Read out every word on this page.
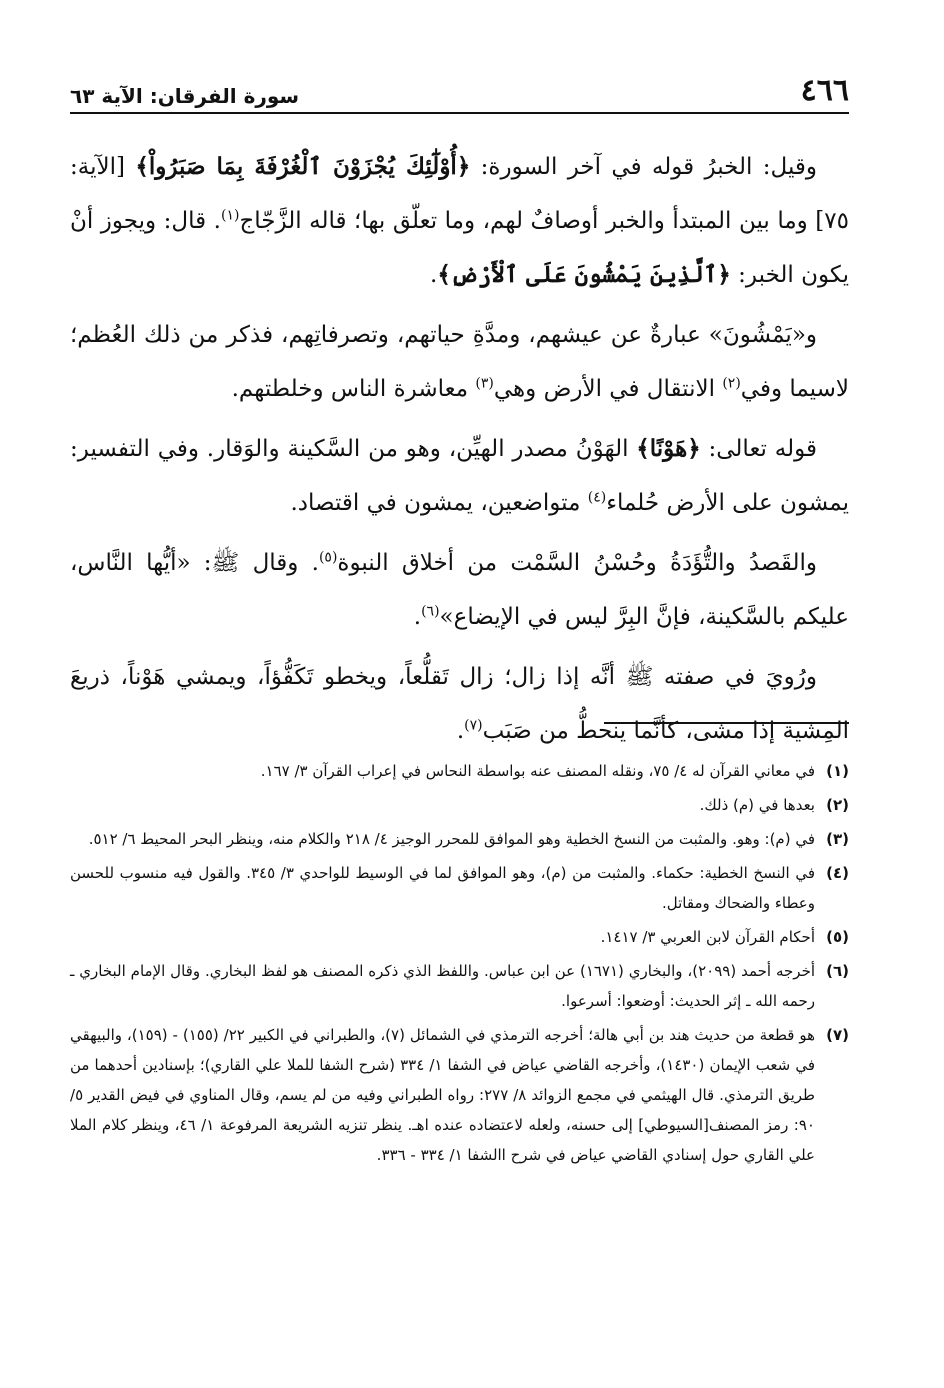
٤٦٦
سورة الفرقان: الآية ٦٣

وقيل: الخبرُ قوله في آخر السورة: ﴿أُوْلَٰٓئِكَ يُجْزَوْنَ ٱلْغُرْفَةَ بِمَا صَبَرُواْ﴾ [الآية: ٧٥] وما بين المبتدأ والخبر أوصافٌ لهم، وما تعلّق بها؛ قاله الزَّجّاج$^{(١)}$. قال: ويجوز أنْ يكون الخبر: ﴿ٱلَّذِينَ يَمْشُونَ عَلَى ٱلْأَرْضِ﴾.

و«يَمْشُونَ» عبارةٌ عن عيشهم، ومدَّةِ حياتهم، وتصرفاتِهم، فذكر من ذلك العُظم؛ لاسيما وفي$^{(٢)}$ الانتقال في الأرض وهي$^{(٣)}$ معاشرة الناس وخلطتهم.

قوله تعالى: ﴿هَوْنًا﴾ الهَوْنُ مصدر الهيِّن، وهو من السَّكينة والوَقار. وفي التفسير: يمشون على الأرض حُلماء$^{(٤)}$ متواضعين، يمشون في اقتصاد.

والقَصدُ والتُّؤَدَةُ وحُسْنُ السَّمْت من أخلاق النبوة$^{(٥)}$. وقال ﷺ: «أيُّها النَّاس، عليكم بالسَّكينة، فإنَّ البِرَّ ليس في الإيضاع»$^{(٦)}$.

ورُويَ في صفته ﷺ أنَّه إذا زال؛ زال تَقلُّعاً، ويخطو تَكَفُّؤاً، ويمشي هَوْناً، ذريعَ المِشية إذا مشى، كأنَّما ينحطُّ من صَبَب$^{(٧)}$.

(١)
في معاني القرآن له ٤/ ٧٥، ونقله المصنف عنه بواسطة النحاس في إعراب القرآن ٣/ ١٦٧.
(٢)
بعدها في (م) ذلك.
(٣)
في (م): وهو. والمثبت من النسخ الخطية وهو الموافق للمحرر الوجيز ٤/ ٢١٨ والكلام منه، وينظر البحر المحيط ٦/ ٥١٢.
(٤)
في النسخ الخطية: حكماء. والمثبت من (م)، وهو الموافق لما في الوسيط للواحدي ٣/ ٣٤٥. والقول فيه منسوب للحسن وعطاء والضحاك ومقاتل.
(٥)
أحكام القرآن لابن العربي ٣/ ١٤١٧.
(٦)
أخرجه أحمد (٢٠٩٩)، والبخاري (١٦٧١) عن ابن عباس. واللفظ الذي ذكره المصنف هو لفظ البخاري. وقال الإمام البخاري ـ رحمه الله ـ إثر الحديث: أوضعوا: أسرعوا.
(٧)
هو قطعة من حديث هند بن أبي هالة؛ أخرجه الترمذي في الشمائل (٧)، والطبراني في الكبير ٢٢/ (١٥٥) - (١٥٩)، والبيهقي في شعب الإيمان (١٤٣٠)، وأخرجه القاضي عياض في الشفا ١/ ٣٣٤ (شرح الشفا للملا علي القاري)؛ بإسنادين أحدهما من طريق الترمذي. قال الهيثمي في مجمع الزوائد ٨/ ٢٧٧: رواه الطبراني وفيه من لم يسم، وقال المناوي في فيض القدير ٥/ ٩٠: رمز المصنف[السيوطي] إلى حسنه، ولعله لاعتضاده عنده اهـ. ينظر تنزيه الشريعة المرفوعة ١/ ٤٦، وينظر كلام الملا علي القاري حول إسنادي القاضي عياض في شرح االشفا ١/ ٣٣٤ - ٣٣٦.
